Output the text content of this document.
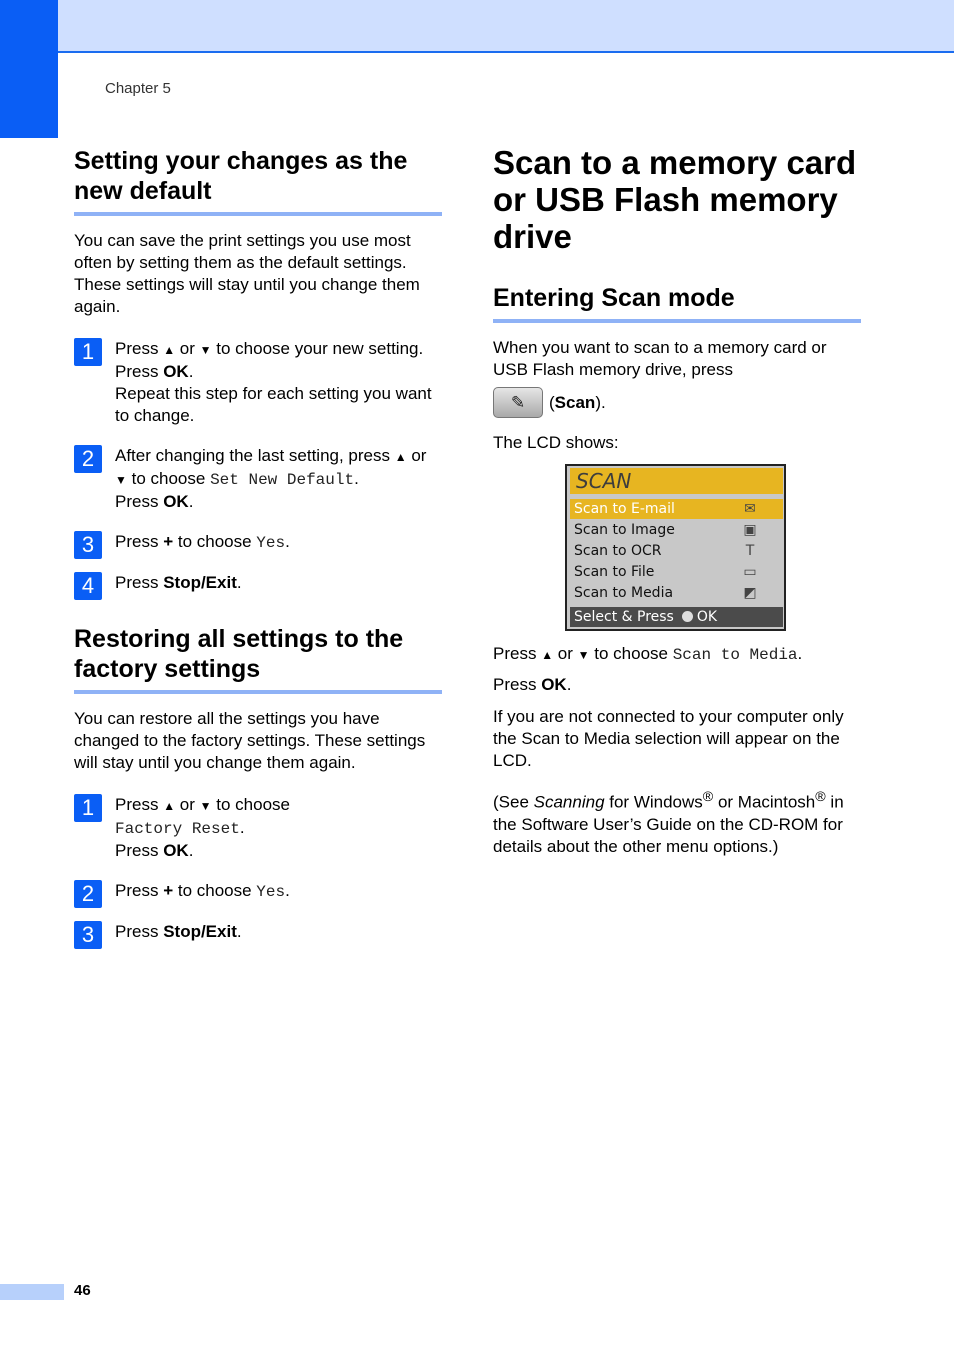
Chapter 5
Setting your changes as the new default

You can save the print settings you use most often by setting them as the default settings. These settings will stay until you change them again.

1	Press ▲ or ▼ to choose your new setting.
Press OK.
Repeat this step for each setting you want to change.
2	After changing the last setting, press ▲ or ▼ to choose Set New Default.
Press OK.
3	Press + to choose Yes.
4	Press Stop/Exit.
Restoring all settings to the factory settings

You can restore all the settings you have changed to the factory settings. These settings will stay until you change them again.

1	Press ▲ or ▼ to choose
Factory Reset.
Press OK.
2	Press + to choose Yes.
3	Press Stop/Exit.
Scan to a memory card or USB Flash memory drive
Entering Scan mode

When you want to scan to a memory card or USB Flash memory drive, press

✎	( Scan ).

The LCD shows:

SCAN
Scan to E-mail	✉
Scan to Image	▣
Scan to OCR	T
Scan to File	▭
Scan to Media	◩
Select & Press OK

Press ▲ or ▼ to choose Scan to Media.

Press OK.

If you are not connected to your computer only the Scan to Media selection will appear on the LCD.

(See Scanning for Windows® or Macintosh® in the Software User’s Guide on the CD-ROM for details about the other menu options.)

46
